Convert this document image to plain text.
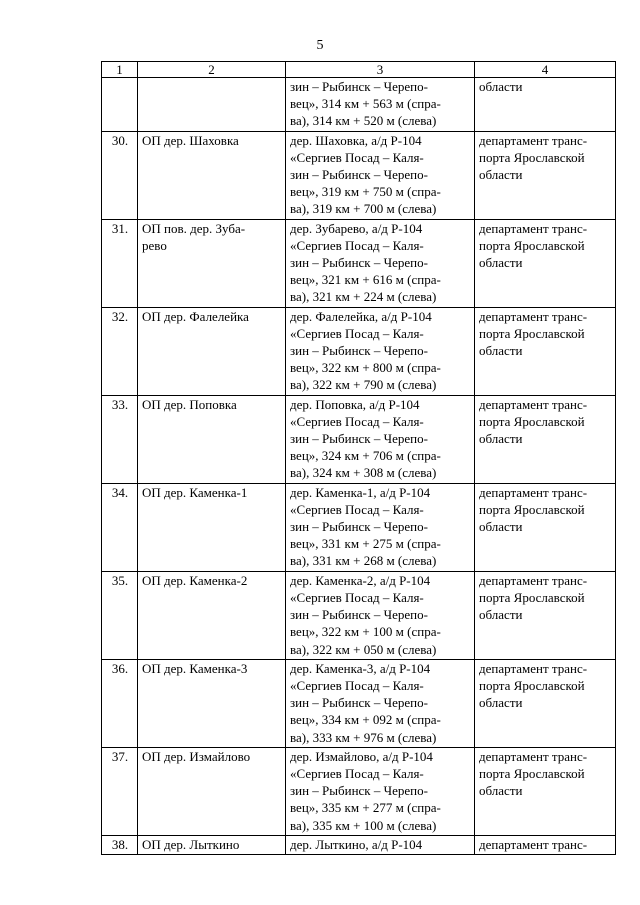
5
1	2	3	4

		зин – Рыбинск – Черепо-
вец», 314 км + 563 м (спра-
ва), 314 км + 520 м (слева)	области

30.	ОП дер. Шаховка	дер. Шаховка, а/д Р-104
«Сергиев Посад – Каля-
зин – Рыбинск – Черепо-
вец», 319 км + 750 м (спра-
ва), 319 км + 700 м (слева)	департамент транс-
порта Ярославской
области

31.	ОП пов. дер. Зуба-
рево	дер. Зубарево, а/д Р-104
«Сергиев Посад – Каля-
зин – Рыбинск – Черепо-
вец», 321 км + 616 м (спра-
ва), 321 км + 224 м (слева)	департамент транс-
порта Ярославской
области

32.	ОП дер. Фалелейка	дер. Фалелейка, а/д Р-104
«Сергиев Посад – Каля-
зин – Рыбинск – Черепо-
вец», 322 км + 800 м (спра-
ва), 322 км + 790 м (слева)	департамент транс-
порта Ярославской
области

33.	ОП дер. Поповка	дер. Поповка, а/д Р-104
«Сергиев Посад – Каля-
зин – Рыбинск – Черепо-
вец», 324 км + 706 м (спра-
ва), 324 км + 308 м (слева)	департамент транс-
порта Ярославской
области

34.	ОП дер. Каменка-1	дер. Каменка-1, а/д Р-104
«Сергиев Посад – Каля-
зин – Рыбинск – Черепо-
вец», 331 км + 275 м (спра-
ва), 331 км + 268 м (слева)	департамент транс-
порта Ярославской
области

35.	ОП дер. Каменка-2	дер. Каменка-2, а/д Р-104
«Сергиев Посад – Каля-
зин – Рыбинск – Черепо-
вец», 322 км + 100 м (спра-
ва), 322 км + 050 м (слева)	департамент транс-
порта Ярославской
области

36.	ОП дер. Каменка-3	дер. Каменка-3, а/д Р-104
«Сергиев Посад – Каля-
зин – Рыбинск – Черепо-
вец», 334 км + 092 м (спра-
ва), 333 км + 976 м (слева)	департамент транс-
порта Ярославской
области

37.	ОП дер. Измайлово	дер. Измайлово, а/д Р-104
«Сергиев Посад – Каля-
зин – Рыбинск – Черепо-
вец», 335 км + 277 м (спра-
ва), 335 км + 100 м (слева)	департамент транс-
порта Ярославской
области

38.	ОП дер. Лыткино	дер. Лыткино, а/д Р-104	департамент транс-
